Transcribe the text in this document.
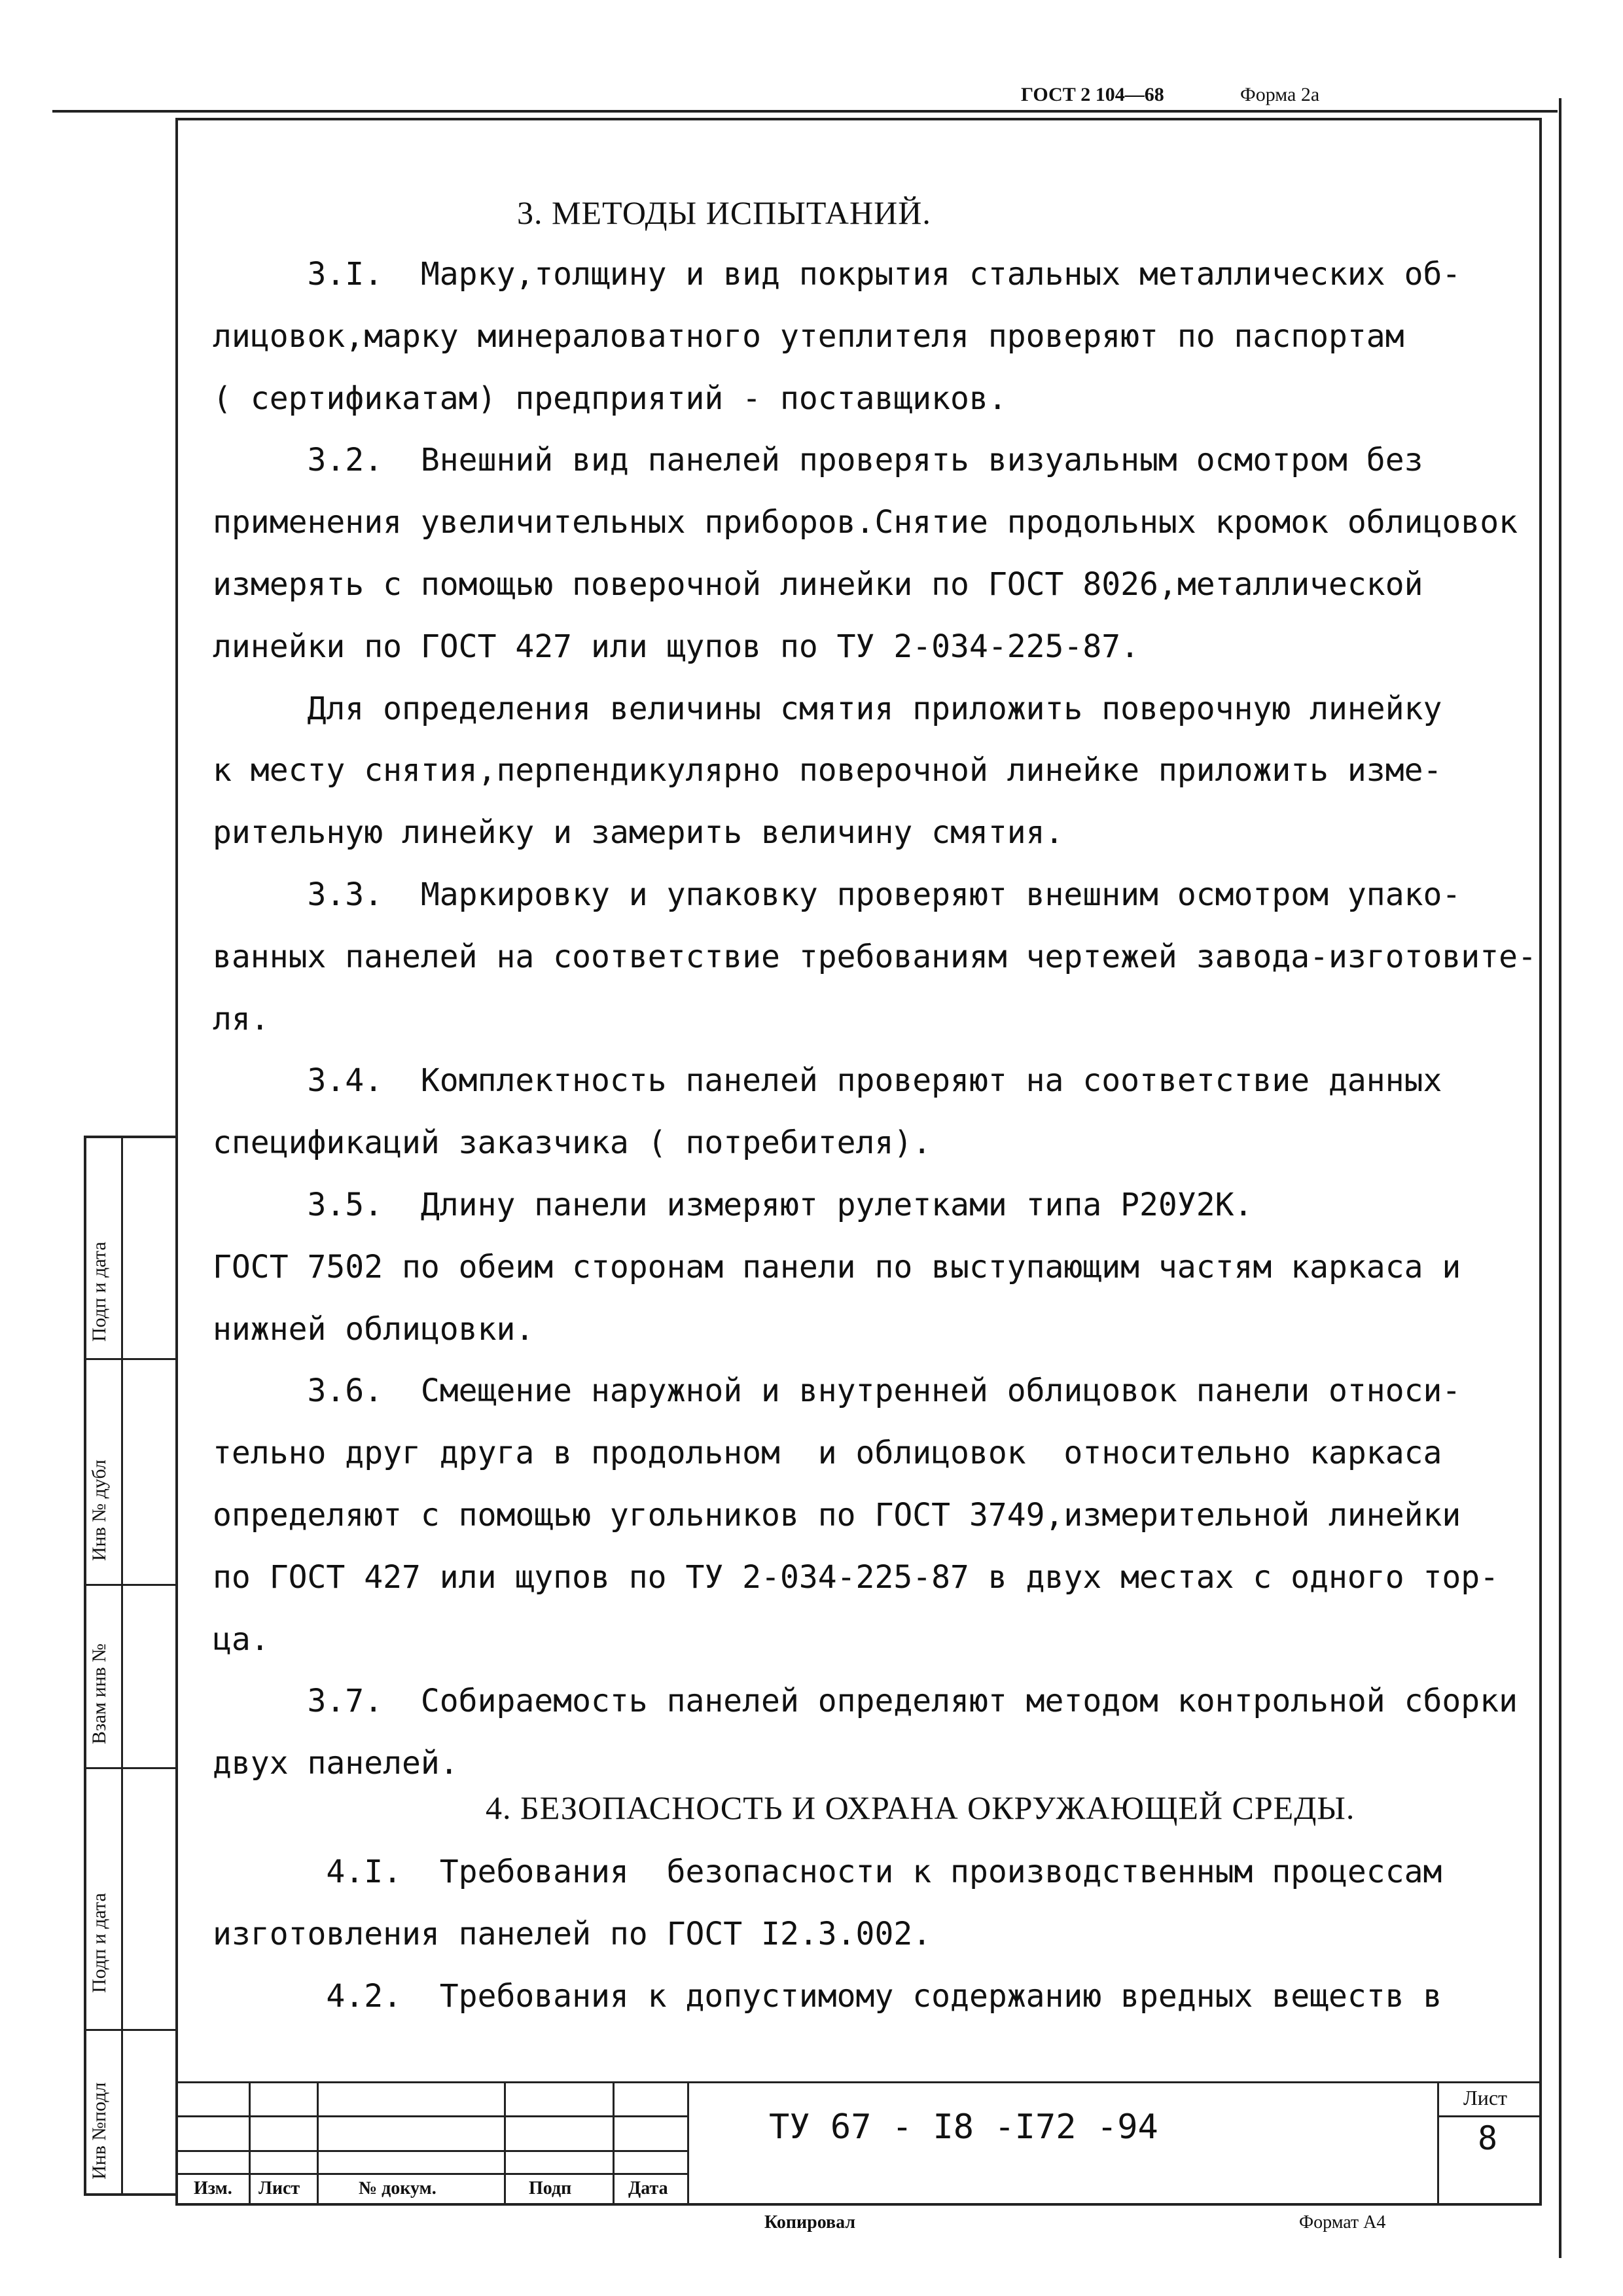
ГОСТ 2 104—68	Форма 2а
3. МЕТОДЫ ИСПЫТАНИЙ.
3.I.  Марку,толщину и вид покрытия стальных металлических об-
лицовок,марку минераловатного утеплителя проверяют по паспортам
( сертификатам) предприятий - поставщиков.
3.2.  Внешний вид панелей проверять визуальным осмотром без
применения увеличительных приборов.Снятие продольных кромок облицовок
измерять с помощью поверочной линейки по ГОСТ 8026,металлической
линейки по ГОСТ 427 или щупов по ТУ 2-034-225-87.
Для определения величины смятия приложить поверочную линейку
к месту снятия,перпендикулярно поверочной линейке приложить изме-
рительную линейку и замерить величину смятия.
3.3.  Маркировку и упаковку проверяют внешним осмотром упако-
ванных панелей на соответствие требованиям чертежей завода-изготовите-
ля.
3.4.  Комплектность панелей проверяют на соответствие данных
спецификаций заказчика ( потребителя).
3.5.  Длину панели измеряют рулетками типа Р20У2К.
ГОСТ 7502 по обеим сторонам панели по выступающим частям каркаса и
нижней облицовки.
3.6.  Смещение наружной и внутренней облицовок панели относи-
тельно друг друга в продольном  и облицовок  относительно каркаса
определяют с помощью угольников по ГОСТ 3749,измерительной линейки
по ГОСТ 427 или щупов по ТУ 2-034-225-87 в двух местах с одного тор-
ца.
3.7.  Собираемость панелей определяют методом контрольной сборки
двух панелей.
4. БЕЗОПАСНОСТЬ И ОХРАНА ОКРУЖАЮЩЕЙ СРЕДЫ.
4.I.  Требования  безопасности к производственным процессам
изготовления панелей по ГОСТ I2.3.002.
4.2.  Требования к допустимому содержанию вредных веществ в
Подп и дата
Инв № дубл
Взам инв №
Подп и дата
Инв №подл
Изм. Лист	№ докум.	Подп	Дата
ТУ 67 - I8 -I72 -94
Лист
8
Копировал	Формат А4
